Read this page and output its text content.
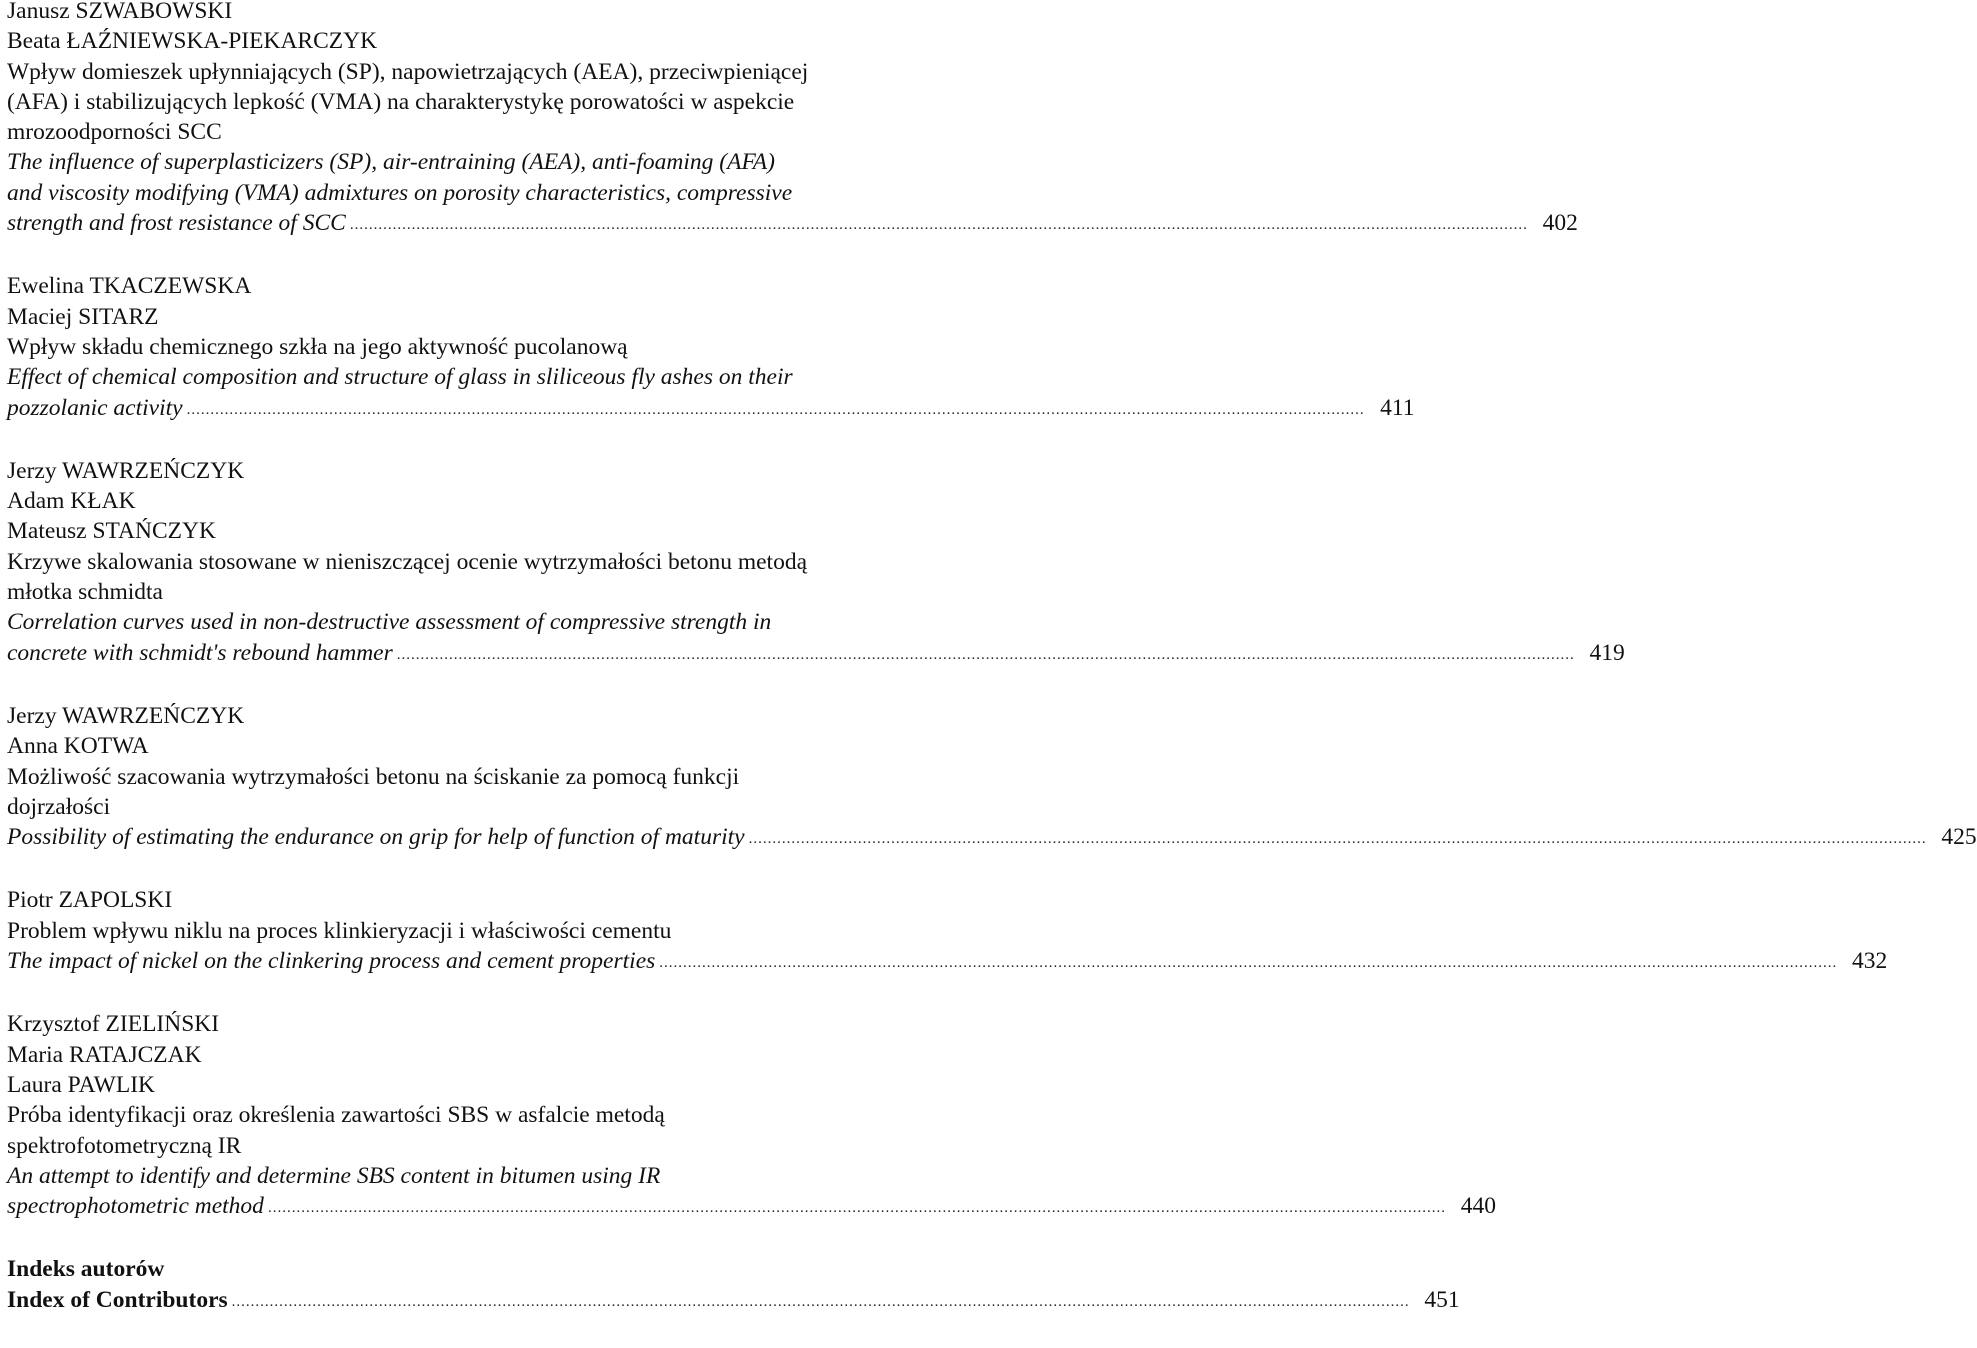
Janusz SZWABOWSKI
Beata ŁAŹNIEWSKA-PIEKARCZYK
Wpływ domieszek upłynniających (SP), napowietrzających (AEA), przeciwpieniącej
(AFA) i stabilizujących lepkość (VMA) na charakterystykę porowatości w aspekcie
mrozoodporności SCC
The influence of superplasticizers (SP), air-entraining (AEA), anti-foaming (AFA)
and viscosity modifying (VMA) admixtures on porosity characteristics, compressive
strength and frost resistance of SCC .....	402
Ewelina TKACZEWSKA
Maciej SITARZ
Wpływ składu chemicznego szkła na jego aktywność pucolanową
Effect of chemical composition and structure of glass in sliliceous fly ashes on their
pozzolanic activity .....	411
Jerzy WAWRZEŃCZYK
Adam KŁAK
Mateusz STAŃCZYK
Krzywe skalowania stosowane w nieniszczącej ocenie wytrzymałości betonu metodą
młotka schmidta
Correlation curves used in non-destructive assessment of compressive strength in
concrete with schmidt's rebound hammer .....	419
Jerzy WAWRZEŃCZYK
Anna KOTWA
Możliwość szacowania wytrzymałości betonu na ściskanie za pomocą funkcji
dojrzałości
Possibility of estimating the endurance on grip for help of function of maturity .....	425
Piotr ZAPOLSKI
Problem wpływu niklu na proces klinkieryzacji i właściwości cementu
The impact of nickel on the clinkering process and cement properties .....	432
Krzysztof ZIELIŃSKI
Maria RATAJCZAK
Laura PAWLIK
Próba identyfikacji oraz określenia zawartości SBS w asfalcie metodą
spektrofotometryczną IR
An attempt to identify and determine SBS content in bitumen using IR
spectrophotometric method .....	440
Indeks autorów
Index of Contributors .....	451
